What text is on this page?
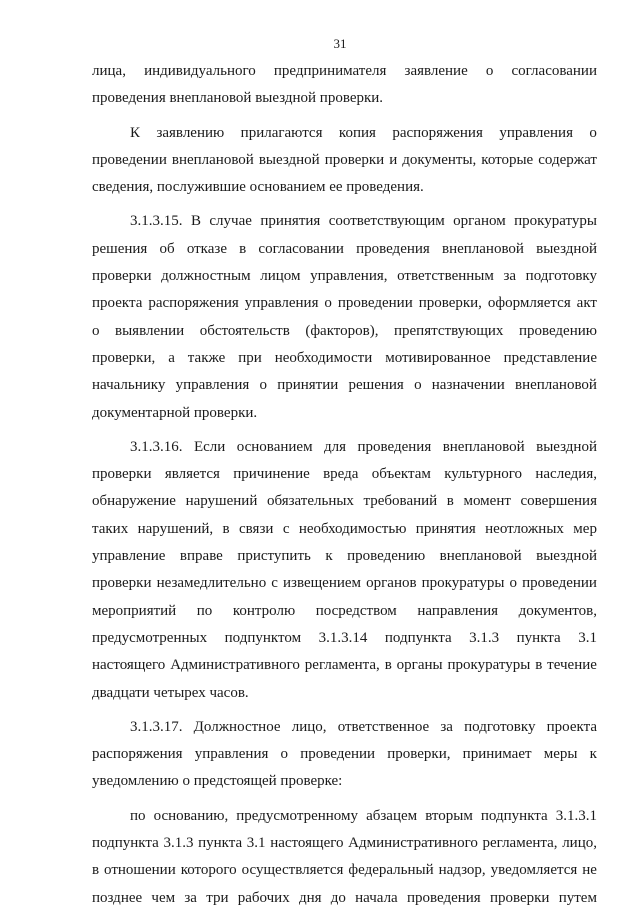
31
лица, индивидуального предпринимателя заявление о согласовании
проведения внеплановой выездной проверки.
К заявлению прилагаются копия распоряжения управления о
проведении внеплановой выездной проверки и документы, которые содержат
сведения, послужившие основанием ее проведения.
3.1.3.15. В случае принятия соответствующим органом прокуратуры
решения об отказе в согласовании проведения внеплановой выездной
проверки должностным лицом управления, ответственным за подготовку
проекта распоряжения управления о проведении проверки, оформляется акт
о выявлении обстоятельств (факторов), препятствующих проведению
проверки, а также при необходимости мотивированное представление
начальнику управления о принятии решения о назначении внеплановой
документарной проверки.
3.1.3.16. Если основанием для проведения внеплановой выездной
проверки является причинение вреда объектам культурного наследия,
обнаружение нарушений обязательных требований в момент совершения
таких нарушений, в связи с необходимостью принятия неотложных мер
управление вправе приступить к проведению внеплановой выездной
проверки незамедлительно с извещением органов прокуратуры о проведении
мероприятий по контролю посредством направления документов,
предусмотренных подпунктом 3.1.3.14 подпункта 3.1.3 пункта 3.1
настоящего Административного регламента, в органы прокуратуры в течение
двадцати четырех часов.
3.1.3.17. Должностное лицо, ответственное за подготовку проекта
распоряжения управления о проведении проверки, принимает меры к
уведомлению о предстоящей проверке:
по основанию, предусмотренному абзацем вторым подпункта 3.1.3.1
подпункта 3.1.3 пункта 3.1 настоящего Административного регламента, лицо,
в отношении которого осуществляется федеральный надзор, уведомляется не
позднее чем за три рабочих дня до начала проведения проверки путем
